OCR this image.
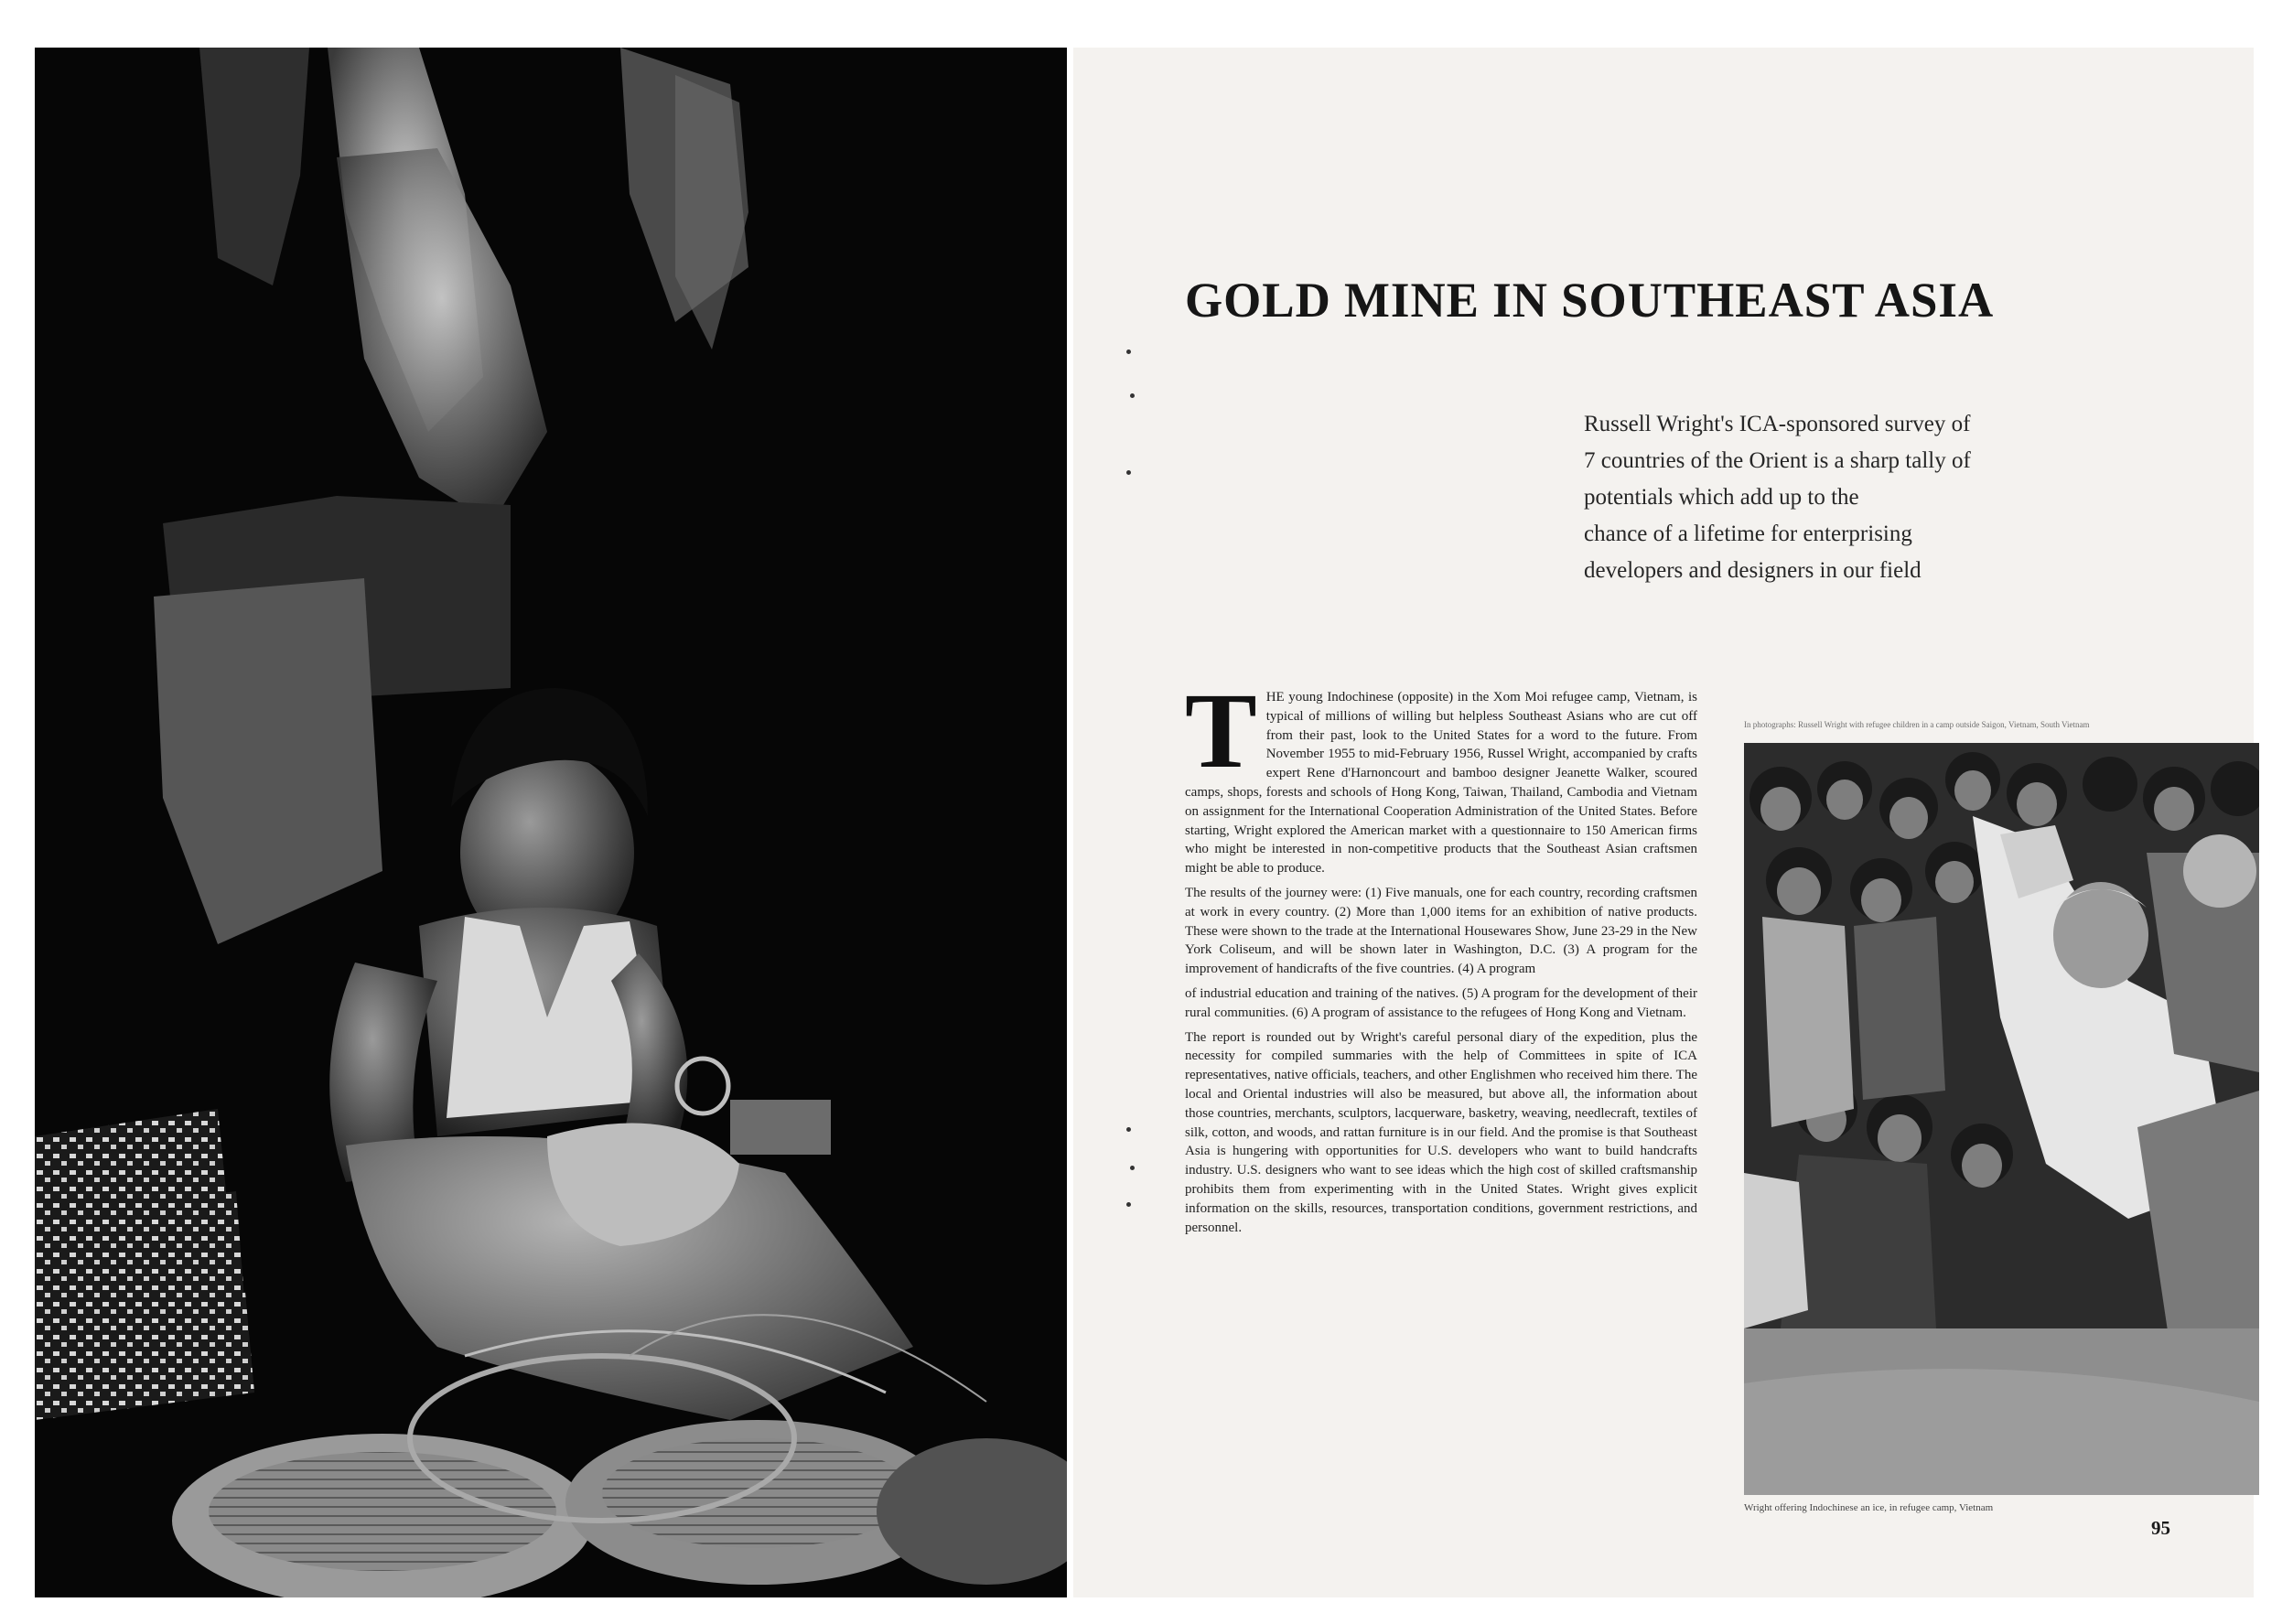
GOLD MINE IN SOUTHEAST ASIA
Russell Wright's ICA-sponsored survey of
7 countries of the Orient is a sharp tally of
potentials which add up to the
chance of a lifetime for enterprising
developers and designers in our field
T HE young Indochinese (opposite) in the Xom Moi refugee camp, Vietnam, is typical of millions of willing but helpless Southeast Asians who are cut off from their past, look to the United States for a word to the future. From November 1955 to mid-February 1956, Russel Wright, accompanied by crafts expert Rene d'Harnoncourt and bamboo designer Jeanette Walker, scoured camps, shops, forests and schools of Hong Kong, Taiwan, Thailand, Cambodia and Vietnam on assignment for the International Cooperation Administration of the United States. Before starting, Wright explored the American market with a questionnaire to 150 American firms who might be interested in non-competitive products that the Southeast Asian craftsmen might be able to produce.

The results of the journey were: (1) Five manuals, one for each country, recording craftsmen at work in every country. (2) More than 1,000 items for an exhibition of native products. These were shown to the trade at the International Housewares Show, June 23-29 in the New York Coliseum, and will be shown later in Washington, D.C. (3) A program for the improvement of handicrafts of the five countries. (4) A program

of industrial education and training of the natives. (5) A program for the development of their rural communities. (6) A program of assistance to the refugees of Hong Kong and Vietnam.

The report is rounded out by Wright's careful personal diary of the expedition, plus the necessity for compiled summaries with the help of Committees in spite of ICA representatives, native officials, teachers, and other Englishmen who received him there. The local and Oriental industries will also be measured, but above all, the information about those countries, merchants, sculptors, lacquerware, basketry, weaving, needlecraft, textiles of silk, cotton, and woods, and rattan furniture is in our field. And the promise is that Southeast Asia is hungering with opportunities for U.S. developers who want to build handcrafts industry. U.S. designers who want to see ideas which the high cost of skilled craftsmanship prohibits them from experimenting with in the United States. Wright gives explicit information on the skills, resources, transportation conditions, government restrictions, and personnel.

In photographs: Russell Wright with refugee children in a camp outside Saigon, Vietnam, South Vietnam
Wright offering Indochinese an ice, in refugee camp, Vietnam
95
